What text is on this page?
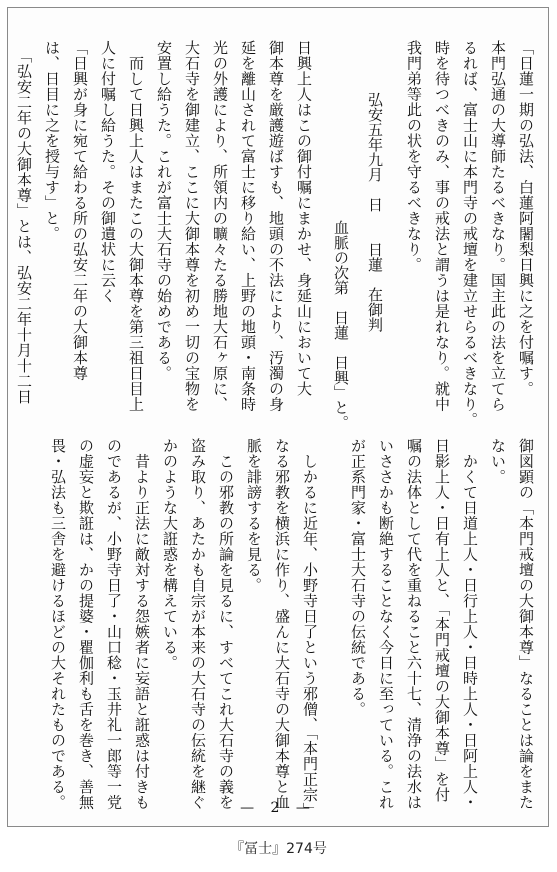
「日蓮一期の弘法、白蓮阿闍梨日興に之を付嘱す。
本門弘通の大導師たるべきなり。国主此の法を立てら
るれば、富士山に本門寺の戒壇を建立せらるべきなり。
時を待つべきのみ、事の戒法と謂うは是れなり。就中
我門弟等此の状を守るべきなり。
弘安五年九月　日　　日蓮　在御判
血脈の次第　日蓮　日興」と。
日興上人はこの御付嘱にまかせ、身延山において大
御本尊を厳護遊ばすも、地頭の不法により、汚濁の身
延を離山されて富士に移り給い、上野の地頭・南条時
光の外護により、所領内の曠々たる勝地大石ヶ原に、
大石寺を御建立、ここに大御本尊を初め一切の宝物を
安置し給うた。これが富士大石寺の始めである。
　而して日興上人はまたこの大御本尊を第三祖日目上
人に付嘱し給うた。その御遺状に云く
「日興が身に宛て給わる所の弘安二年の大御本尊
は、日目に之を授与す」と。
　「弘安二年の大御本尊」とは、弘安二年十月十二日
御図顕の「本門戒壇の大御本尊」なることは論をまた
ない。
　かくて日道上人・日行上人・日時上人・日阿上人・
日影上人・日有上人と、「本門戒壇の大御本尊」を付
嘱の法体として代を重ねること六十七、清浄の法水は
いささかも断絶することなく今日に至っている。これ
が正系門家・富士大石寺の伝統である。
　しかるに近年、小野寺日了という邪僧、「本門正宗」
なる邪教を横浜に作り、盛んに大石寺の大御本尊と血
脈を誹謗するを見る。
　この邪教の所論を見るに、すべてこれ大石寺の義を
盗み取り、あたかも自宗が本来の大石寺の伝統を継ぐ
かのような大誑惑を構えている。
　昔より正法に敵対する怨嫉者に妄語と誑惑は付きも
のであるが、小野寺日了・山口稔・玉井礼一郎等一党
の虚妄と欺誑は、かの提婆・瞿伽利も舌を巻き、善無
畏・弘法も三舎を避けるほどの大それたものである。	— 2 —
『冨士』274号
